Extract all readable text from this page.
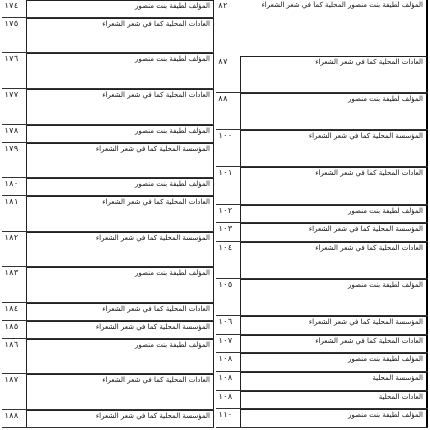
١٧٤	المؤلف لطيفة بنت منصور
١٧٥	العادات المحلية كما في شعر الشعراء
١٧٦	المؤلف لطيفة بنت منصور
١٧٧	العادات المحلية كما في شعر الشعراء
١٧٨	المؤلف لطيفة بنت منصور
١٧٩	المؤسسة المحلية كما في شعر الشعراء
١٨٠	المؤلف لطيفة بنت منصور
١٨١	العادات المحلية كما في شعر الشعراء
١٨٢	المؤسسة المحلية كما في شعر الشعراء
١٨٣	المؤلف لطيفة بنت منصور
١٨٤	العادات المحلية كما في شعر الشعراء
١٨٥	المؤسسة المحلية كما في شعر الشعراء
١٨٦	المؤلف لطيفة بنت منصور
١٨٧	العادات المحلية كما في شعر الشعراء
١٨٨	المؤسسة المحلية كما في شعر الشعراء
٨٢	المؤلف لطيفة بنت منصور المحلية كما في شعر الشعراء
٨٧	العادات المحلية كما في شعر الشعراء
٨٨	المؤلف لطيفة بنت منصور
١٠٠	المؤسسة المحلية كما في شعر الشعراء
١٠١	العادات المحلية كما في شعر الشعراء
١٠٢	المؤلف لطيفة بنت منصور
١٠٣	المؤسسة المحلية كما في شعر الشعراء
١٠٤	العادات المحلية كما في شعر الشعراء
١٠٥	المؤلف لطيفة بنت منصور
١٠٦	المؤسسة المحلية كما في شعر الشعراء
١٠٧	العادات المحلية كما في شعر الشعراء
١٠٨	المؤلف لطيفة بنت منصور
١٠٨	المؤسسة المحلية
١٠٨	العادات المحلية
١١٠	المؤلف لطيفة بنت منصور
